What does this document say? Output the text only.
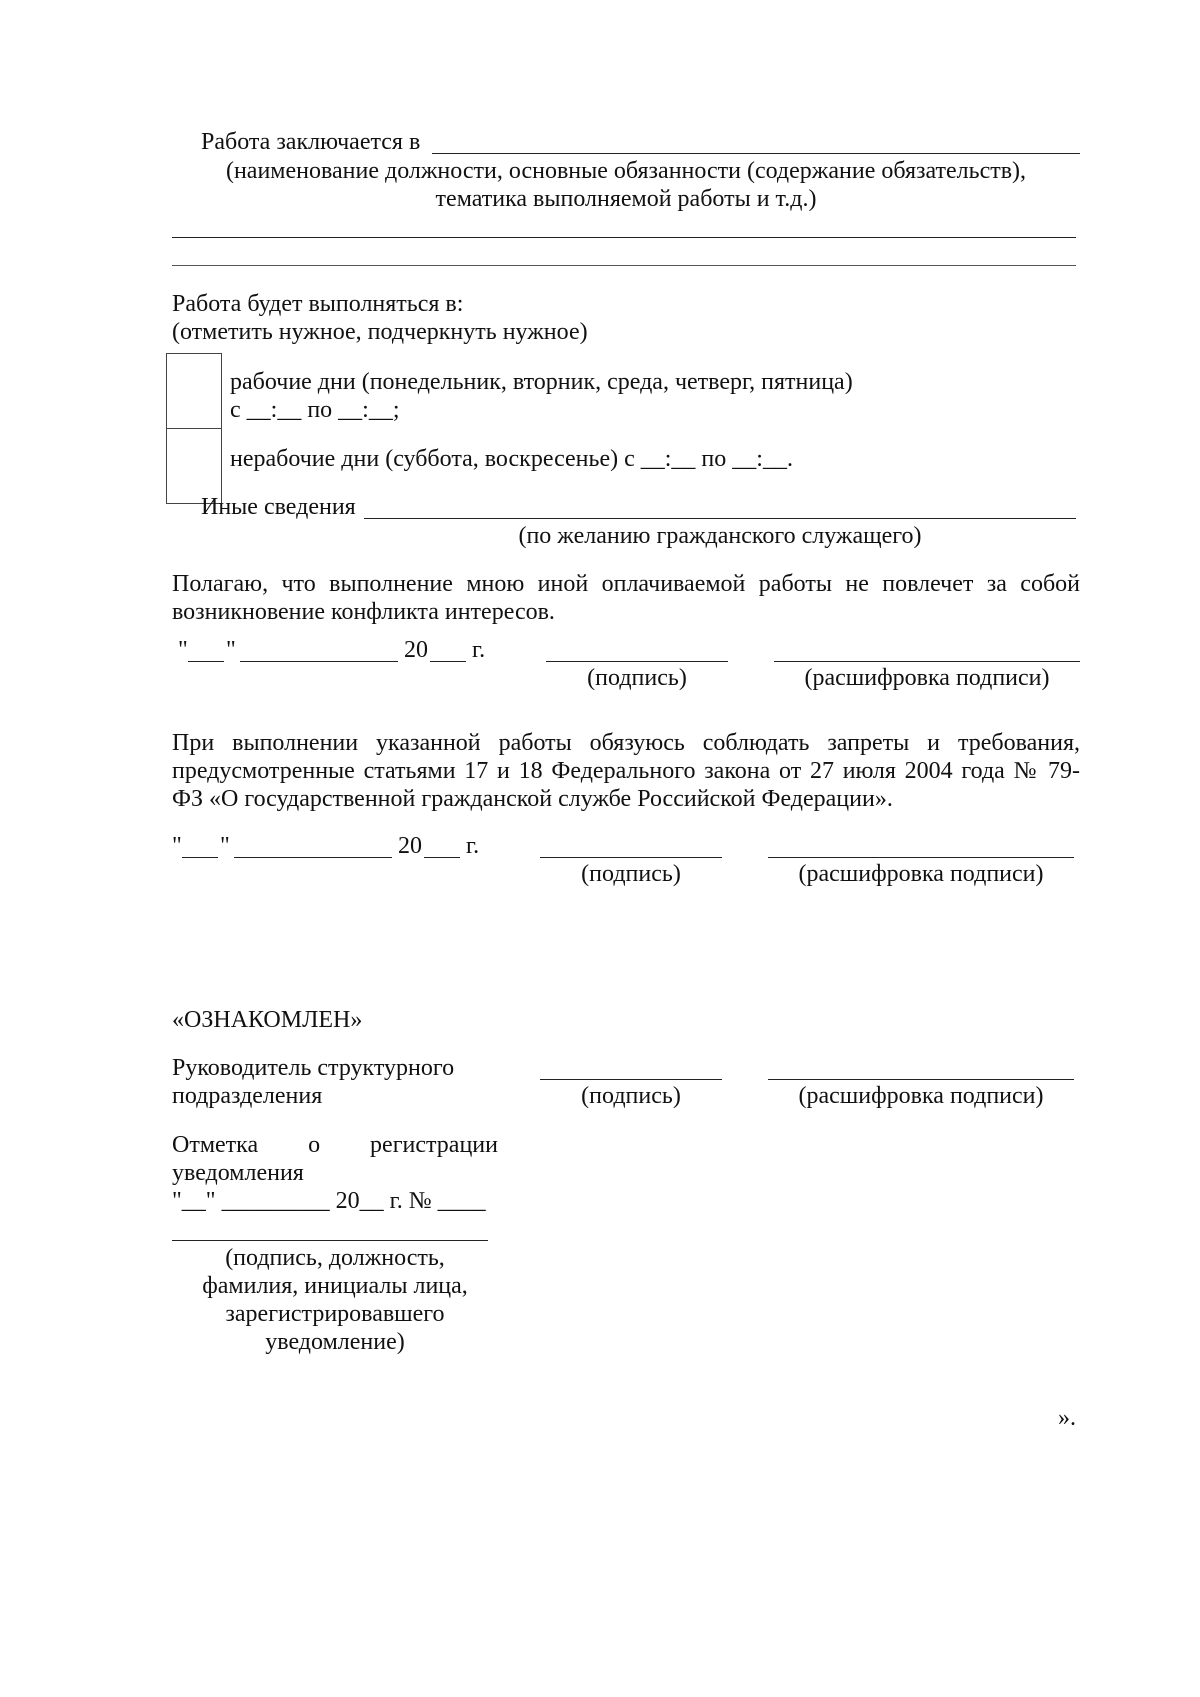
Работа заключается в
(наименование должности, основные обязанности (содержание обязательств),
тематика выполняемой работы и т.д.)
Работа будет выполняться в:
(отметить нужное, подчеркнуть нужное)
рабочие дни (понедельник, вторник, среда, четверг, пятница)
с __:__ по __:__;
нерабочие дни (суббота, воскресенье) с __:__ по __:__.
Иные сведения
(по желанию гражданского служащего)
Полагаю, что выполнение мною иной оплачиваемой работы не повлечет за собой
возникновение конфликта интересов.
" "	20 г.
(подпись)	(расшифровка подписи)
При выполнении указанной работы обязуюсь соблюдать запреты и требования,
предусмотренные статьями 17 и 18 Федерального закона от 27 июля 2004 года № 79-
ФЗ «О государственной гражданской службе Российской Федерации».
" "	20 г.
(подпись)	(расшифровка подписи)
«ОЗНАКОМЛЕН»
Руководитель структурного
подразделения	(подпись)	(расшифровка подписи)
Отметка о регистрации
уведомления
"__" _________ 20__ г. № ____
(подпись, должность,
фамилия, инициалы лица,
зарегистрировавшего
уведомление)
».
